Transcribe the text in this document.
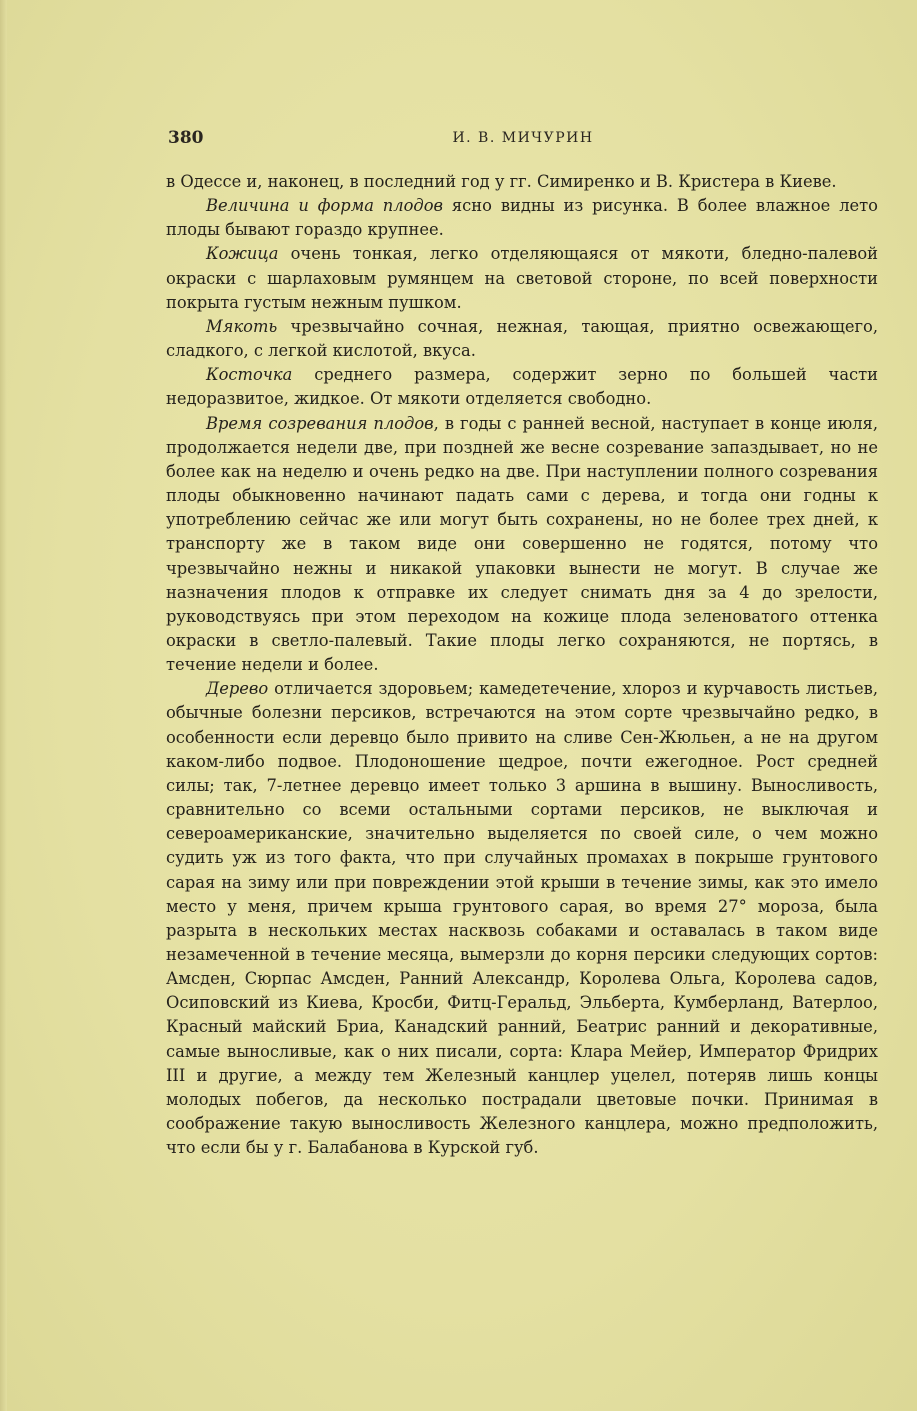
380	И. В. МИЧУРИН

в Одессе и, наконец, в последний год у гг. Симиренко и В. Кристера в Киеве.

Величина и форма плодов ясно видны из рисунка. В более влажное лето плоды бывают гораздо крупнее.

Кожица очень тонкая, легко отделяющаяся от мякоти, бледно-палевой окраски с шарлаховым румянцем на световой стороне, по всей поверхности покрыта густым нежным пушком.

Мякоть чрезвычайно сочная, нежная, тающая, приятно освежающего, сладкого, с легкой кислотой, вкуса.

Косточка среднего размера, содержит зерно по большей части недоразвитое, жидкое. От мякоти отделяется свободно.

Время созревания плодов, в годы с ранней весной, наступает в конце июля, продолжается недели две, при поздней же весне созревание запаздывает, но не более как на неделю и очень редко на две. При наступлении полного созревания плоды обыкновенно начинают падать сами с дерева, и тогда они годны к употреблению сейчас же или могут быть сохранены, но не более трех дней, к транспорту же в таком виде они совершенно не годятся, потому что чрезвычайно нежны и никакой упаковки вынести не могут. В случае же назначения плодов к отправке их следует снимать дня за 4 до зрелости, руководствуясь при этом переходом на кожице плода зеленоватого оттенка окраски в светло-палевый. Такие плоды легко сохраняются, не портясь, в течение недели и более.

Дерево отличается здоровьем; камедетечение, хлороз и курчавость листьев, обычные болезни персиков, встречаются на этом сорте чрезвычайно редко, в особенности если деревцо было привито на сливе Сен-Жюльен, а не на другом каком-либо подвое. Плодоношение щедрое, почти ежегодное. Рост средней силы; так, 7-летнее деревцо имеет только 3 аршина в вышину. Выносливость, сравнительно со всеми остальными сортами персиков, не выключая и североамериканские, значительно выделяется по своей силе, о чем можно судить уж из того факта, что при случайных промахах в покрыше грунтового сарая на зиму или при повреждении этой крыши в течение зимы, как это имело место у меня, причем крыша грунтового сарая, во время 27° мороза, была разрыта в нескольких местах насквозь собаками и оставалась в таком виде незамеченной в течение месяца, вымерзли до корня персики следующих сортов: Амсден, Сюрпас Амсден, Ранний Александр, Королева Ольга, Королева садов, Осиповский из Киева, Кросби, Фитц-Геральд, Эльберта, Кумберланд, Ватерлоо, Красный майский Бриа, Канадский ранний, Беатрис ранний и декоративные, самые выносливые, как о них писали, сорта: Клара Мейер, Император Фридрих III и другие, а между тем Железный канцлер уцелел, потеряв лишь концы молодых побегов, да несколько пострадали цветовые почки. Принимая в соображение такую выносливость Железного канцлера, можно предположить, что если бы у г. Балабанова в Курской губ.
